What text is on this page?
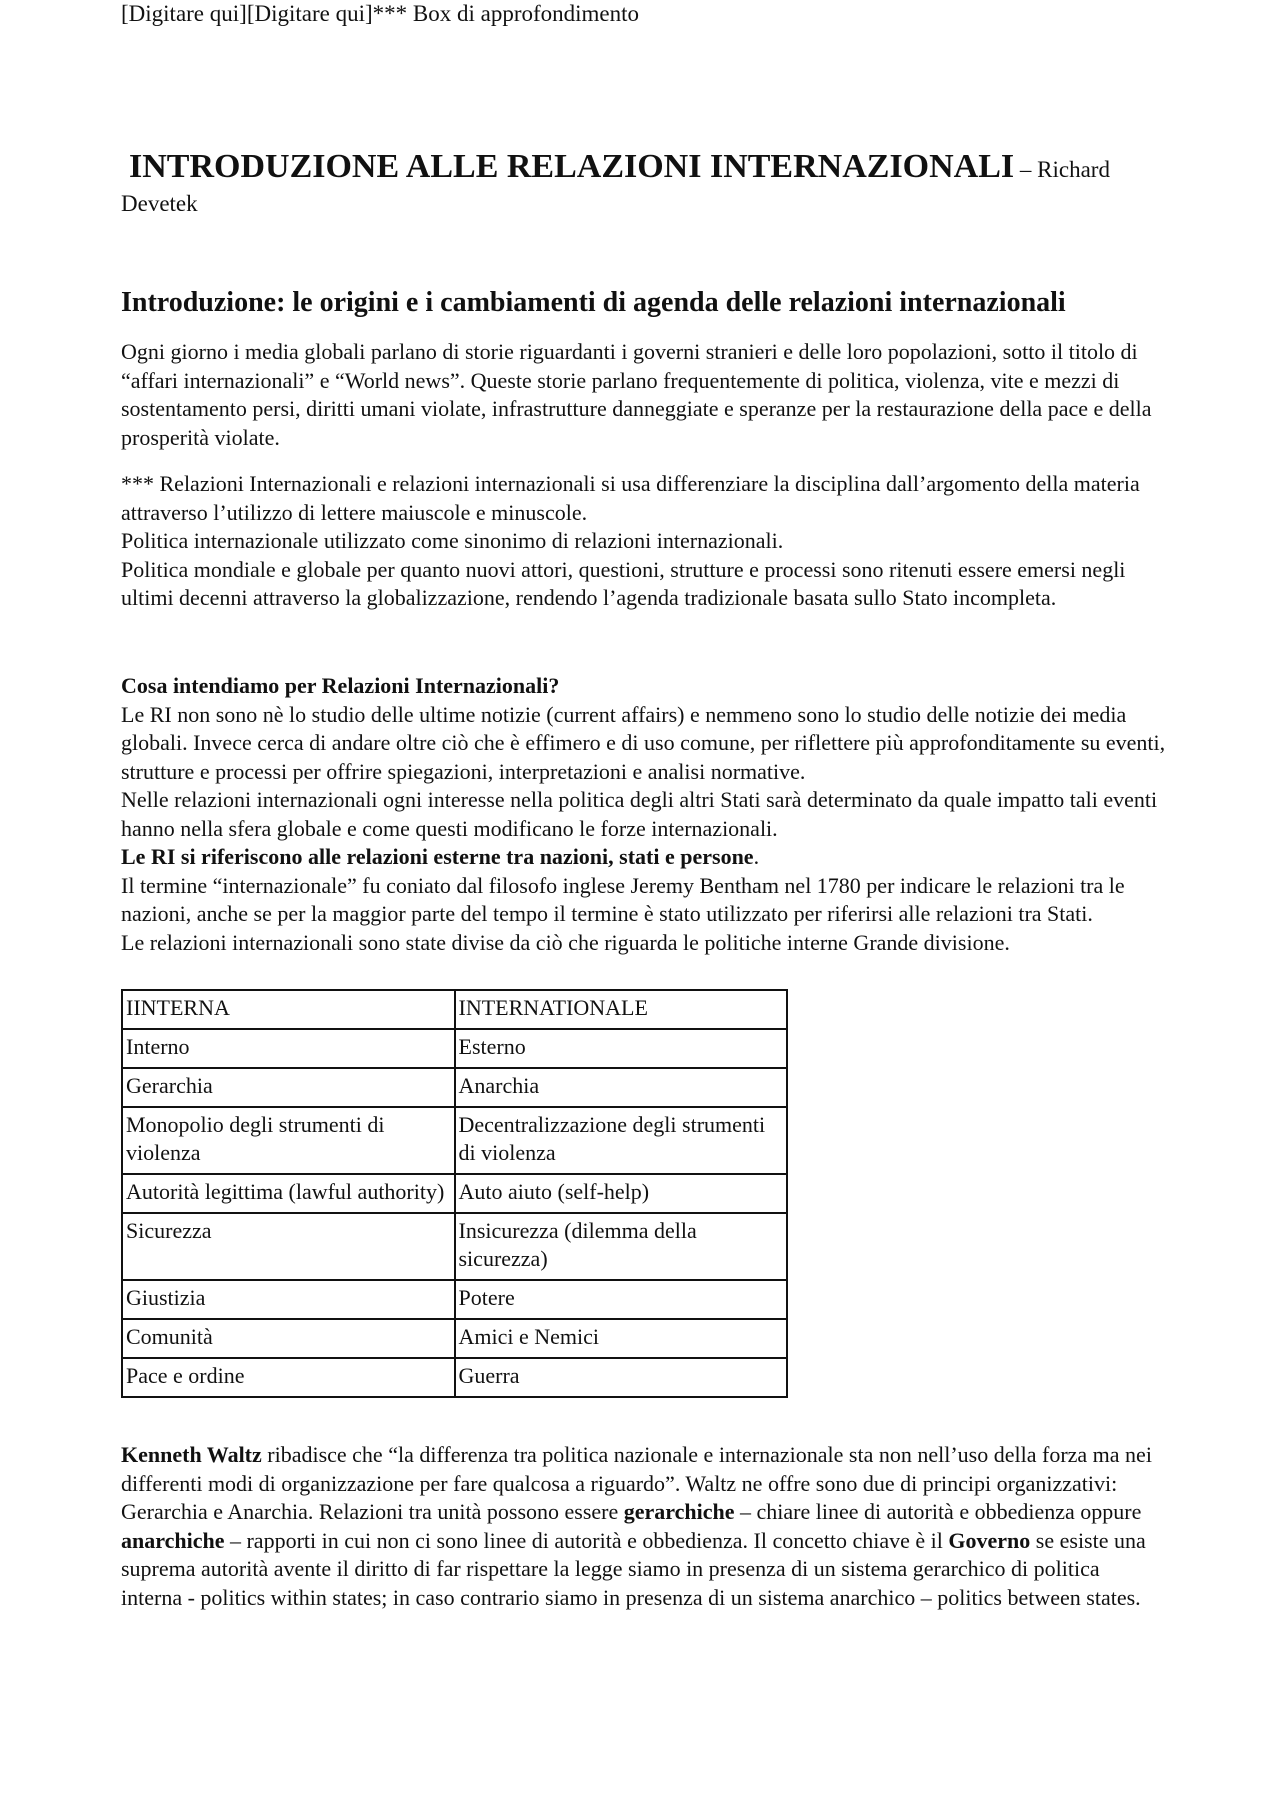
[Digitare qui][Digitare qui]*** Box di approfondimento
INTRODUZIONE ALLE RELAZIONI INTERNAZIONALI – Richard Devetek
Introduzione: le origini e i cambiamenti di agenda delle relazioni internazionali

Ogni giorno i media globali parlano di storie riguardanti i governi stranieri e delle loro popolazioni, sotto il titolo di “affari internazionali” e “World news”. Queste storie parlano frequentemente di politica, violenza, vite e mezzi di sostentamento persi, diritti umani violate, infrastrutture danneggiate e speranze per la restaurazione della pace e della prosperità violate.

*** Relazioni Internazionali e relazioni internazionali si usa differenziare la disciplina dall’argomento della materia attraverso l’utilizzo di lettere maiuscole e minuscole.
Politica internazionale utilizzato come sinonimo di relazioni internazionali.
Politica mondiale e globale per quanto nuovi attori, questioni, strutture e processi sono ritenuti essere emersi negli ultimi decenni attraverso la globalizzazione, rendendo l’agenda tradizionale basata sullo Stato incompleta.
Cosa intendiamo per Relazioni Internazionali?
Le RI non sono nè lo studio delle ultime notizie (current affairs) e nemmeno sono lo studio delle notizie dei media globali. Invece cerca di andare oltre ciò che è effimero e di uso comune, per riflettere più approfonditamente su eventi, strutture e processi per offrire spiegazioni, interpretazioni e analisi normative.
Nelle relazioni internazionali ogni interesse nella politica degli altri Stati sarà determinato da quale impatto tali eventi hanno nella sfera globale e come questi modificano le forze internazionali.
Le RI si riferiscono alle relazioni esterne tra nazioni, stati e persone.
Il termine “internazionale” fu coniato dal filosofo inglese Jeremy Bentham nel 1780 per indicare le relazioni tra le nazioni, anche se per la maggior parte del tempo il termine è stato utilizzato per riferirsi alle relazioni tra Stati.
Le relazioni internazionali sono state divise da ciò che riguarda le politiche interne Grande divisione.
IINTERNA	INTERNATIONALE
Interno	Esterno
Gerarchia	Anarchia
Monopolio degli strumenti di violenza	Decentralizzazione degli strumenti di violenza
Autorità legittima (lawful authority)	Auto aiuto (self-help)
Sicurezza	Insicurezza (dilemma della sicurezza)
Giustizia	Potere
Comunità	Amici e Nemici
Pace e ordine	Guerra

Kenneth Waltz ribadisce che “la differenza tra politica nazionale e internazionale sta non nell’uso della forza ma nei differenti modi di organizzazione per fare qualcosa a riguardo”. Waltz ne offre sono due di principi organizzativi: Gerarchia e Anarchia. Relazioni tra unità possono essere gerarchiche – chiare linee di autorità e obbedienza oppure anarchiche – rapporti in cui non ci sono linee di autorità e obbedienza. Il concetto chiave è il Governo se esiste una suprema autorità avente il diritto di far rispettare la legge siamo in presenza di un sistema gerarchico di politica interna - politics within states; in caso contrario siamo in presenza di un sistema anarchico – politics between states.
